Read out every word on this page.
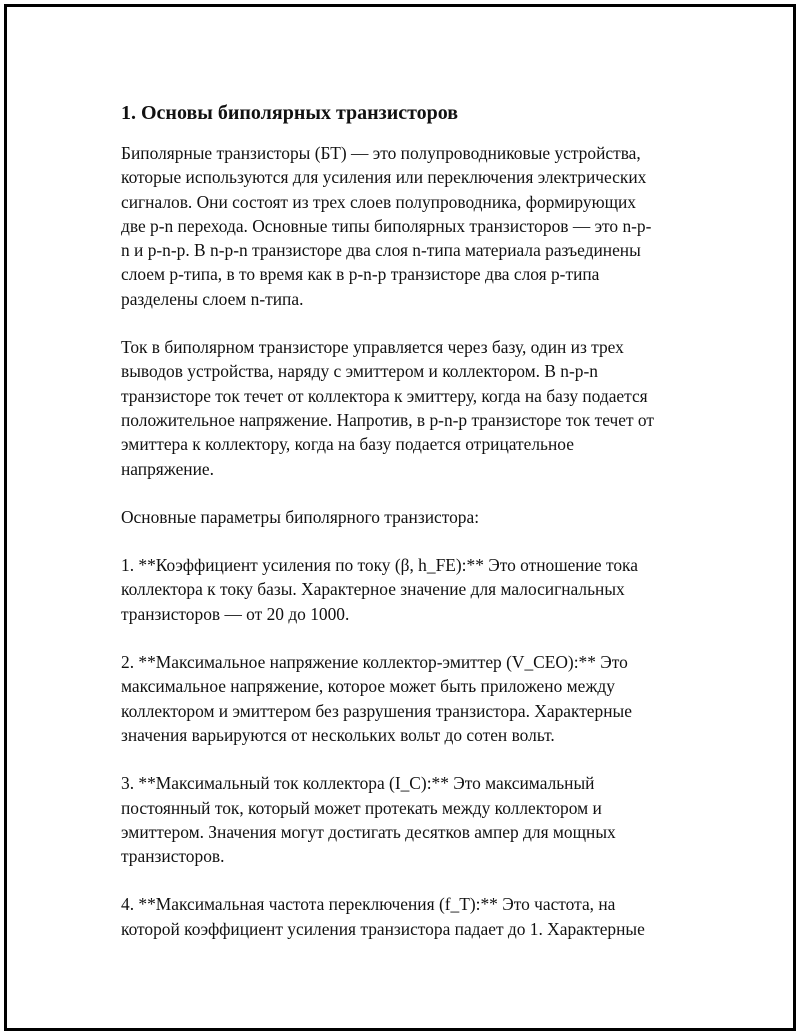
1. Основы биполярных транзисторов

Биполярные транзисторы (БТ) — это полупроводниковые устройства,
которые используются для усиления или переключения электрических
сигналов. Они состоят из трех слоев полупроводника, формирующих
две p-n перехода. Основные типы биполярных транзисторов — это n-p-
n и p-n-p. В n-p-n транзисторе два слоя n-типа материала разъединены
слоем p-типа, в то время как в p-n-p транзисторе два слоя p-типа
разделены слоем n-типа.

Ток в биполярном транзисторе управляется через базу, один из трех
выводов устройства, наряду с эмиттером и коллектором. В n-p-n
транзисторе ток течет от коллектора к эмиттеру, когда на базу подается
положительное напряжение. Напротив, в p-n-p транзисторе ток течет от
эмиттера к коллектору, когда на базу подается отрицательное
напряжение.

Основные параметры биполярного транзистора:

1. **Коэффициент усиления по току (β, h_FE):** Это отношение тока
коллектора к току базы. Характерное значение для малосигнальных
транзисторов — от 20 до 1000.

2. **Максимальное напряжение коллектор-эмиттер (V_CEO):** Это
максимальное напряжение, которое может быть приложено между
коллектором и эмиттером без разрушения транзистора. Характерные
значения варьируются от нескольких вольт до сотен вольт.

3. **Максимальный ток коллектора (I_C):** Это максимальный
постоянный ток, который может протекать между коллектором и
эмиттером. Значения могут достигать десятков ампер для мощных
транзисторов.

4. **Максимальная частота переключения (f_T):** Это частота, на
которой коэффициент усиления транзистора падает до 1. Характерные
